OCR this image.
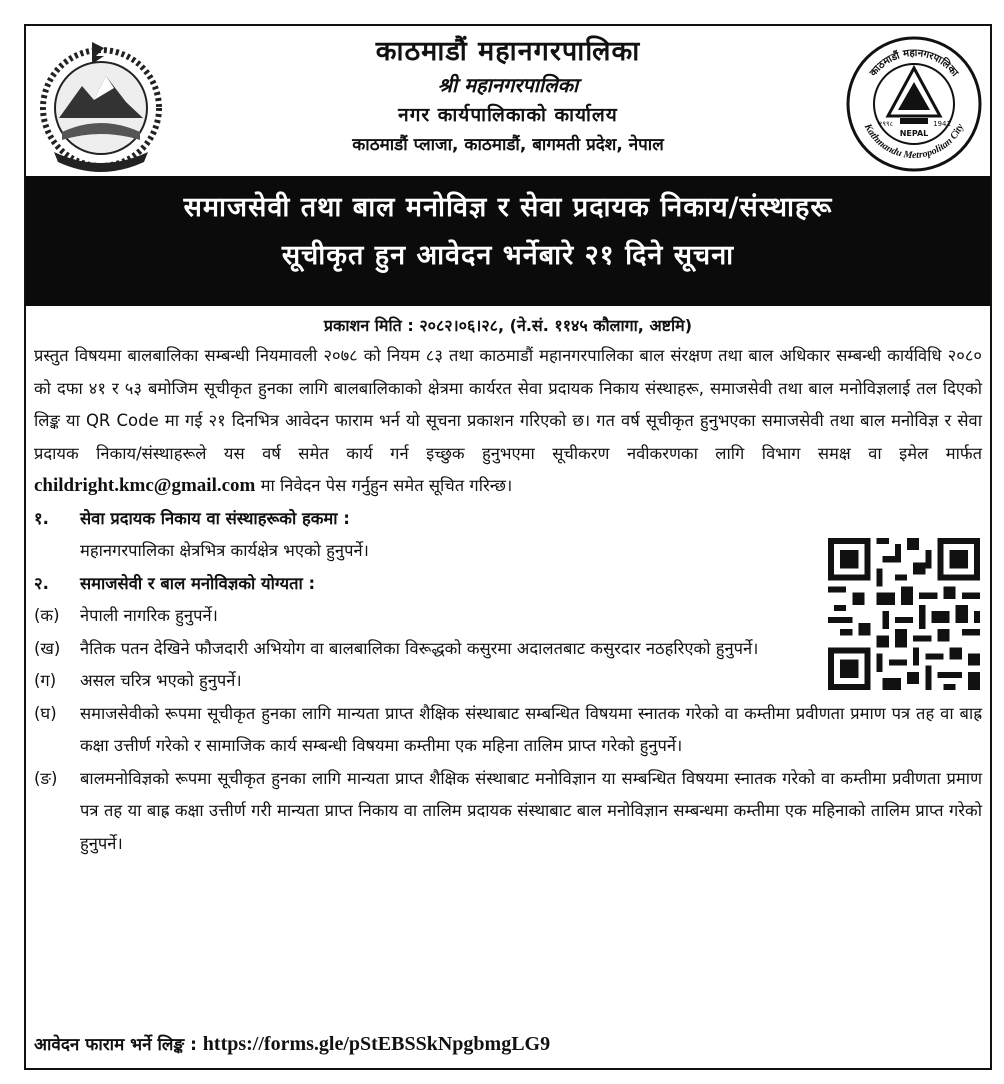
काठमाडौं महानगरपालिका
श्री महानगरपालिका
नगर कार्यपालिकाको कार्यालय
काठमाडौं प्लाजा, काठमाडौं, बागमती प्रदेश, नेपाल
काठमाडौं महानगरपालिका
Kathmandu Metropolitan City
NEPAL
१९९८	1941
समाजसेवी तथा बाल मनोविज्ञ र सेवा प्रदायक निकाय/संस्थाहरू
सूचीकृत हुन आवेदन भर्नेबारे २१ दिने सूचना
प्रकाशन मिति : २०८२।०६।२८, (ने.सं. ११४५ कौलागा, अष्टमि)

प्रस्तुत विषयमा बालबालिका सम्बन्धी नियमावली २०७८ को नियम ८३ तथा काठमाडौं महानगरपालिका बाल संरक्षण तथा बाल अधिकार सम्बन्धी कार्यविधि २०८० को दफा ४१ र ५३ बमोजिम सूचीकृत हुनका लागि बालबालिकाको क्षेत्रमा कार्यरत सेवा प्रदायक निकाय संस्थाहरू, समाजसेवी तथा बाल मनोविज्ञलाई तल दिएको लिङ्क या QR Code मा गई २१ दिनभित्र आवेदन फाराम भर्न यो सूचना प्रकाशन गरिएको छ। गत वर्ष सूचीकृत हुनुभएका समाजसेवी तथा बाल मनोविज्ञ र सेवा प्रदायक निकाय/संस्थाहरूले यस वर्ष समेत कार्य गर्न इच्छुक हुनुभएमा सूचीकरण नवीकरणका लागि विभाग समक्ष वा इमेल मार्फत childright.kmc@gmail.com मा निवेदन पेस गर्नुहुन समेत सूचित गरिन्छ।

१.	सेवा प्रदायक निकाय वा संस्थाहरूको हकमा :
महानगरपालिका क्षेत्रभित्र कार्यक्षेत्र भएको हुनुपर्ने।
२.	समाजसेवी र बाल मनोविज्ञको योग्यता :
(क)	नेपाली नागरिक हुनुपर्ने।
(ख)	नैतिक पतन देखिने फौजदारी अभियोग वा बालबालिका विरूद्धको कसुरमा अदालतबाट कसुरदार नठहरिएको हुनुपर्ने।
(ग)	असल चरित्र भएको हुनुपर्ने।
(घ)	समाजसेवीको रूपमा सूचीकृत हुनका लागि मान्यता प्राप्त शैक्षिक संस्थाबाट सम्बन्धित विषयमा स्नातक गरेको वा कम्तीमा प्रवीणता प्रमाण पत्र तह वा बाह्र कक्षा उत्तीर्ण गरेको र सामाजिक कार्य सम्बन्धी विषयमा कम्तीमा एक महिना तालिम प्राप्त गरेको हुनुपर्ने।
(ङ)	बालमनोविज्ञको रूपमा सूचीकृत हुनका लागि मान्यता प्राप्त शैक्षिक संस्थाबाट मनोविज्ञान या सम्बन्धित विषयमा स्नातक गरेको वा कम्तीमा प्रवीणता प्रमाण पत्र तह या बाह्र कक्षा उत्तीर्ण गरी मान्यता प्राप्त निकाय वा तालिम प्रदायक संस्थाबाट बाल मनोविज्ञान सम्बन्धमा कम्तीमा एक महिनाको तालिम प्राप्त गरेको हुनुपर्ने।
आवेदन फाराम भर्ने लिङ्क : https://forms.gle/pStEBSSkNpgbmgLG9
